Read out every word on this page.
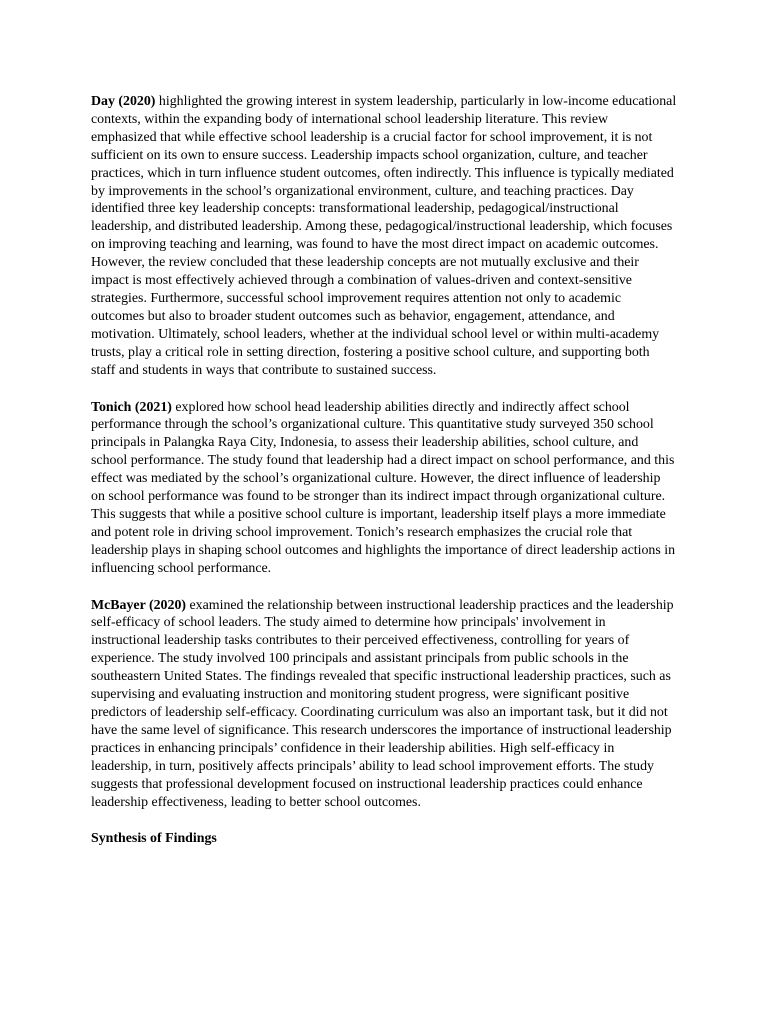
Day (2020) highlighted the growing interest in system leadership, particularly in low-income educational contexts, within the expanding body of international school leadership literature. This review emphasized that while effective school leadership is a crucial factor for school improvement, it is not sufficient on its own to ensure success. Leadership impacts school organization, culture, and teacher practices, which in turn influence student outcomes, often indirectly. This influence is typically mediated by improvements in the school’s organizational environment, culture, and teaching practices. Day identified three key leadership concepts: transformational leadership, pedagogical/instructional leadership, and distributed leadership. Among these, pedagogical/instructional leadership, which focuses on improving teaching and learning, was found to have the most direct impact on academic outcomes. However, the review concluded that these leadership concepts are not mutually exclusive and their impact is most effectively achieved through a combination of values-driven and context-sensitive strategies. Furthermore, successful school improvement requires attention not only to academic outcomes but also to broader student outcomes such as behavior, engagement, attendance, and motivation. Ultimately, school leaders, whether at the individual school level or within multi-academy trusts, play a critical role in setting direction, fostering a positive school culture, and supporting both staff and students in ways that contribute to sustained success.

Tonich (2021) explored how school head leadership abilities directly and indirectly affect school performance through the school’s organizational culture. This quantitative study surveyed 350 school principals in Palangka Raya City, Indonesia, to assess their leadership abilities, school culture, and school performance. The study found that leadership had a direct impact on school performance, and this effect was mediated by the school’s organizational culture. However, the direct influence of leadership on school performance was found to be stronger than its indirect impact through organizational culture. This suggests that while a positive school culture is important, leadership itself plays a more immediate and potent role in driving school improvement. Tonich’s research emphasizes the crucial role that leadership plays in shaping school outcomes and highlights the importance of direct leadership actions in influencing school performance.

McBayer (2020) examined the relationship between instructional leadership practices and the leadership self-efficacy of school leaders. The study aimed to determine how principals' involvement in instructional leadership tasks contributes to their perceived effectiveness, controlling for years of experience. The study involved 100 principals and assistant principals from public schools in the southeastern United States. The findings revealed that specific instructional leadership practices, such as supervising and evaluating instruction and monitoring student progress, were significant positive predictors of leadership self-efficacy. Coordinating curriculum was also an important task, but it did not have the same level of significance. This research underscores the importance of instructional leadership practices in enhancing principals’ confidence in their leadership abilities. High self-efficacy in leadership, in turn, positively affects principals’ ability to lead school improvement efforts. The study suggests that professional development focused on instructional leadership practices could enhance leadership effectiveness, leading to better school outcomes.

Synthesis of Findings
